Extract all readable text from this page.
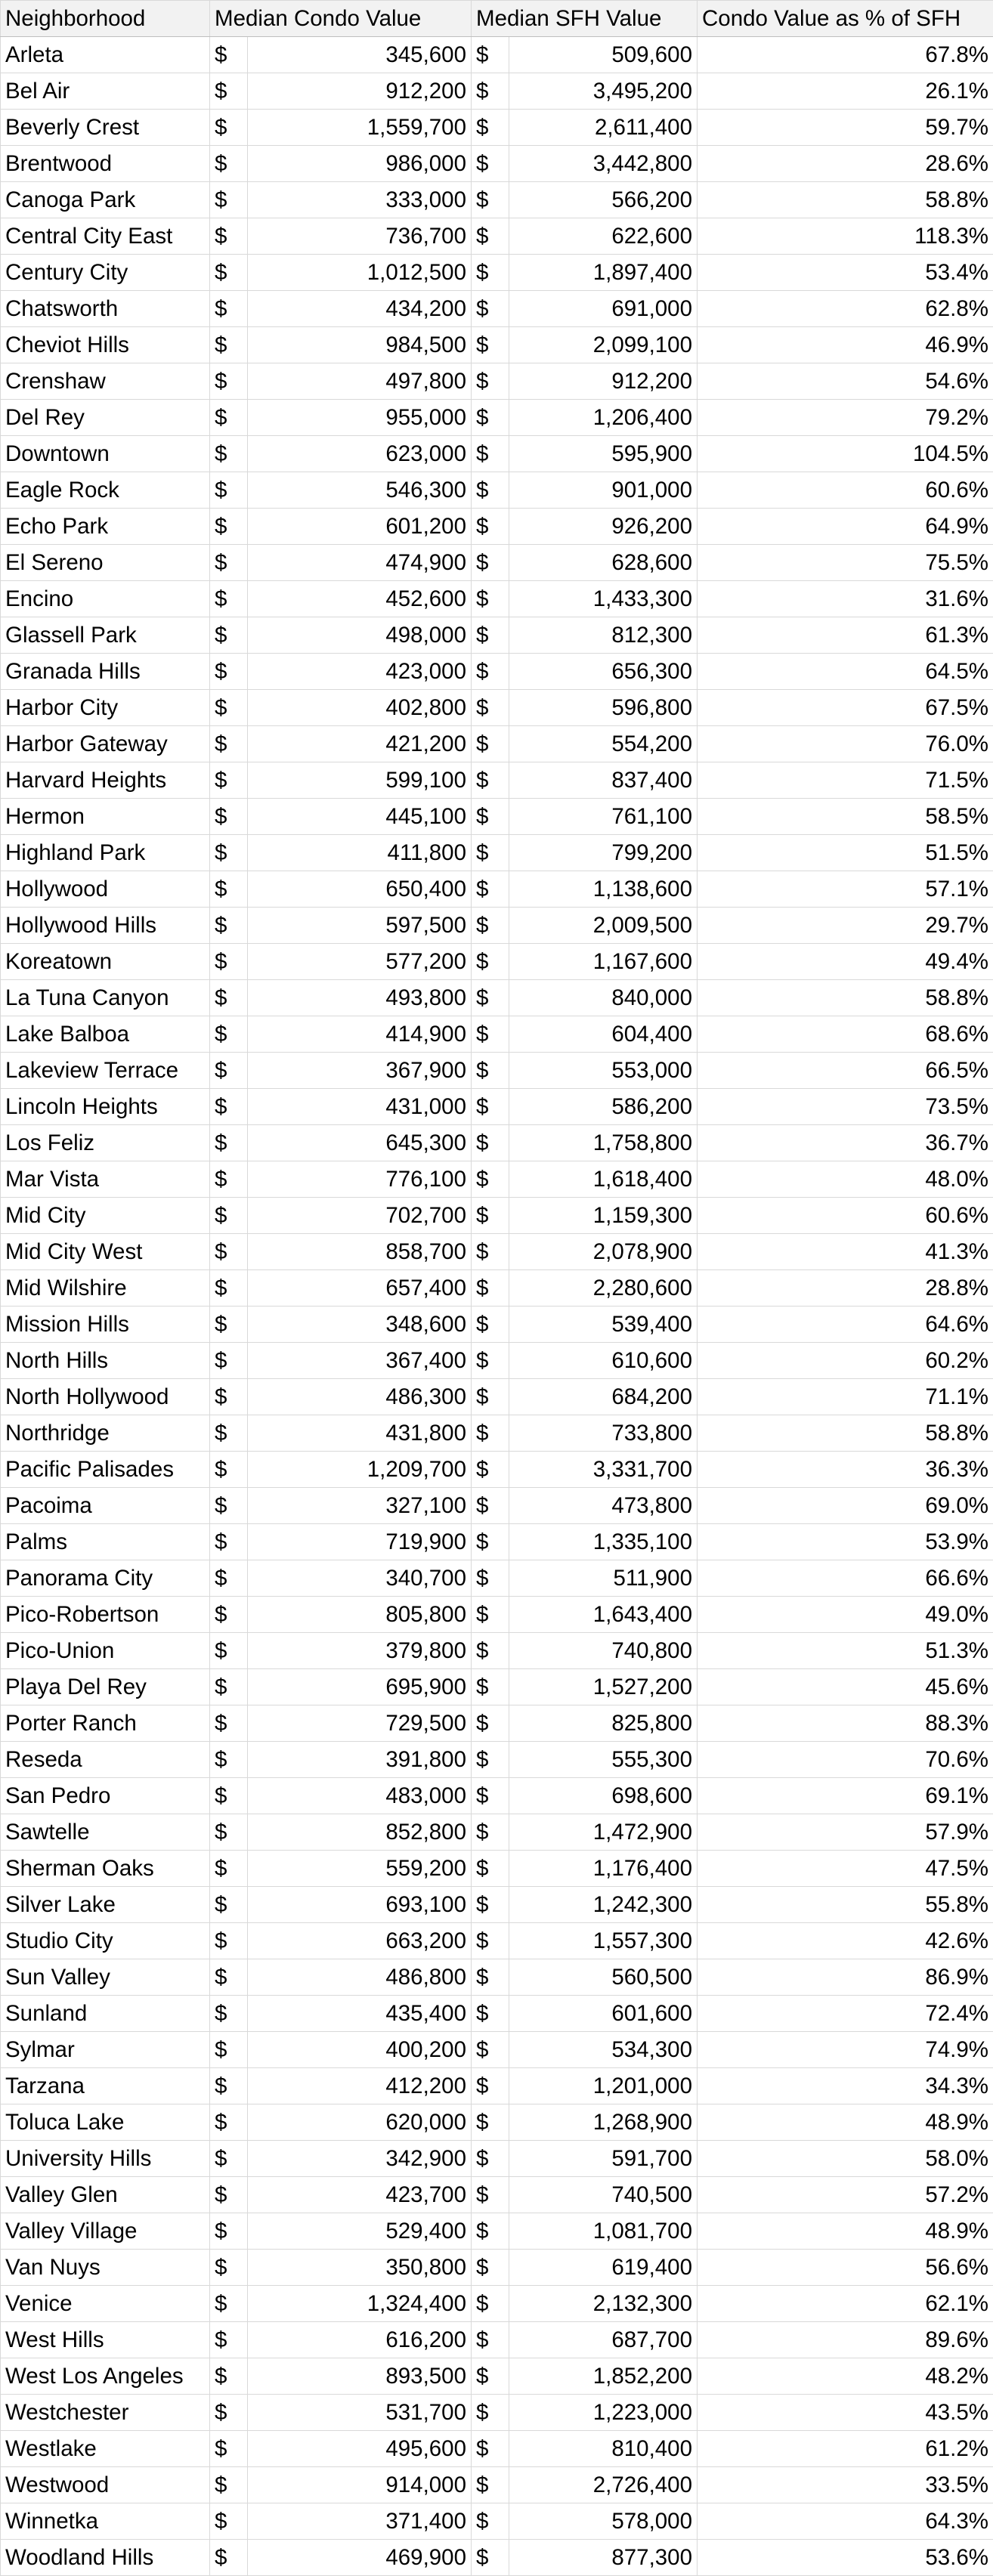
Neighborhood	Median Condo Value		Median SFH Value		Condo Value as % of SFH
Arleta	$	345,600	$	509,600	67.8%
Bel Air	$	912,200	$	3,495,200	26.1%
Beverly Crest	$	1,559,700	$	2,611,400	59.7%
Brentwood	$	986,000	$	3,442,800	28.6%
Canoga Park	$	333,000	$	566,200	58.8%
Central City East	$	736,700	$	622,600	118.3%
Century City	$	1,012,500	$	1,897,400	53.4%
Chatsworth	$	434,200	$	691,000	62.8%
Cheviot Hills	$	984,500	$	2,099,100	46.9%
Crenshaw	$	497,800	$	912,200	54.6%
Del Rey	$	955,000	$	1,206,400	79.2%
Downtown	$	623,000	$	595,900	104.5%
Eagle Rock	$	546,300	$	901,000	60.6%
Echo Park	$	601,200	$	926,200	64.9%
El Sereno	$	474,900	$	628,600	75.5%
Encino	$	452,600	$	1,433,300	31.6%
Glassell Park	$	498,000	$	812,300	61.3%
Granada Hills	$	423,000	$	656,300	64.5%
Harbor City	$	402,800	$	596,800	67.5%
Harbor Gateway	$	421,200	$	554,200	76.0%
Harvard Heights	$	599,100	$	837,400	71.5%
Hermon	$	445,100	$	761,100	58.5%
Highland Park	$	411,800	$	799,200	51.5%
Hollywood	$	650,400	$	1,138,600	57.1%
Hollywood Hills	$	597,500	$	2,009,500	29.7%
Koreatown	$	577,200	$	1,167,600	49.4%
La Tuna Canyon	$	493,800	$	840,000	58.8%
Lake Balboa	$	414,900	$	604,400	68.6%
Lakeview Terrace	$	367,900	$	553,000	66.5%
Lincoln Heights	$	431,000	$	586,200	73.5%
Los Feliz	$	645,300	$	1,758,800	36.7%
Mar Vista	$	776,100	$	1,618,400	48.0%
Mid City	$	702,700	$	1,159,300	60.6%
Mid City West	$	858,700	$	2,078,900	41.3%
Mid Wilshire	$	657,400	$	2,280,600	28.8%
Mission Hills	$	348,600	$	539,400	64.6%
North Hills	$	367,400	$	610,600	60.2%
North Hollywood	$	486,300	$	684,200	71.1%
Northridge	$	431,800	$	733,800	58.8%
Pacific Palisades	$	1,209,700	$	3,331,700	36.3%
Pacoima	$	327,100	$	473,800	69.0%
Palms	$	719,900	$	1,335,100	53.9%
Panorama City	$	340,700	$	511,900	66.6%
Pico-Robertson	$	805,800	$	1,643,400	49.0%
Pico-Union	$	379,800	$	740,800	51.3%
Playa Del Rey	$	695,900	$	1,527,200	45.6%
Porter Ranch	$	729,500	$	825,800	88.3%
Reseda	$	391,800	$	555,300	70.6%
San Pedro	$	483,000	$	698,600	69.1%
Sawtelle	$	852,800	$	1,472,900	57.9%
Sherman Oaks	$	559,200	$	1,176,400	47.5%
Silver Lake	$	693,100	$	1,242,300	55.8%
Studio City	$	663,200	$	1,557,300	42.6%
Sun Valley	$	486,800	$	560,500	86.9%
Sunland	$	435,400	$	601,600	72.4%
Sylmar	$	400,200	$	534,300	74.9%
Tarzana	$	412,200	$	1,201,000	34.3%
Toluca Lake	$	620,000	$	1,268,900	48.9%
University Hills	$	342,900	$	591,700	58.0%
Valley Glen	$	423,700	$	740,500	57.2%
Valley Village	$	529,400	$	1,081,700	48.9%
Van Nuys	$	350,800	$	619,400	56.6%
Venice	$	1,324,400	$	2,132,300	62.1%
West Hills	$	616,200	$	687,700	89.6%
West Los Angeles	$	893,500	$	1,852,200	48.2%
Westchester	$	531,700	$	1,223,000	43.5%
Westlake	$	495,600	$	810,400	61.2%
Westwood	$	914,000	$	2,726,400	33.5%
Winnetka	$	371,400	$	578,000	64.3%
Woodland Hills	$	469,900	$	877,300	53.6%
